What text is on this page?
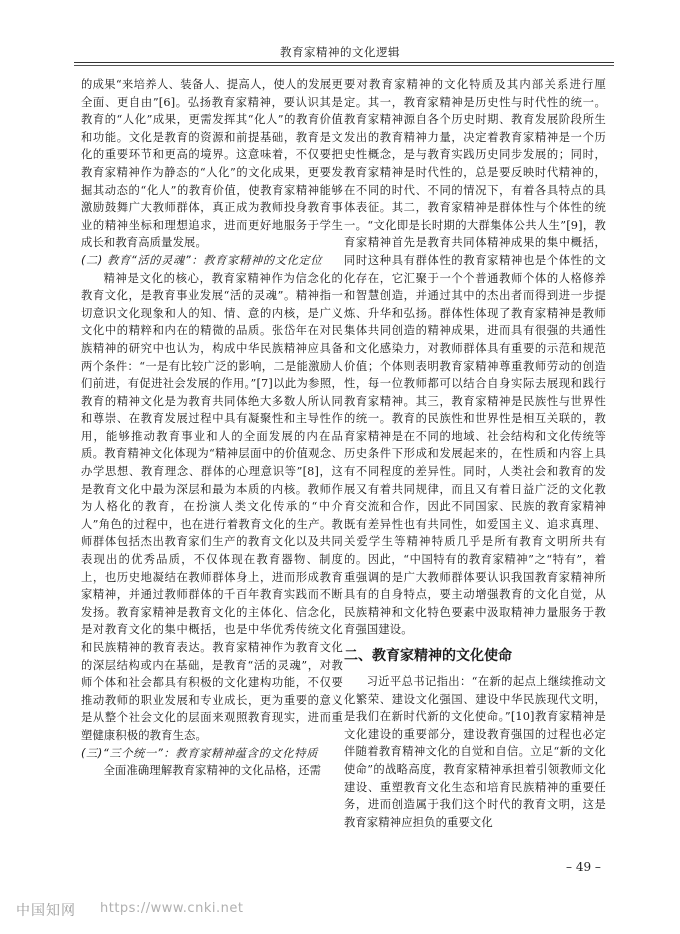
教育家精神的文化逻辑

的成果“来培养人、装备人、提高人，使人的发展更全面、更自由”[6]。弘扬教育家精神，要认识其是教育的“人化”成果，更需发挥其“化人”的教育价值和功能。文化是教育的资源和前提基础，教育是文化的重要环节和更高的境界。这意味着，不仅要把教育家精神作为静态的“人化”的文化成果，更要发掘其动态的“化人”的教育价值，使教育家精神能够激励鼓舞广大教师群体，真正成为教师投身教育事业的精神坐标和理想追求，进而更好地服务于学生成长和教育高质量发展。

(二) 教育“活的灵魂”：教育家精神的文化定位

精神是文化的核心，教育家精神作为信念化的教育文化，是教育事业发展“活的灵魂”。精神指一切意识文化现象和人的知、情、意的内核，是广义文化中的精粹和内在的精微的品质。张岱年在对民族精神的研究中也认为，构成中华民族精神应具备两个条件：“一是有比较广泛的影响，二是能激励人们前进，有促进社会发展的作用。”[7]以此为参照，教育的精神文化是为教育共同体绝大多数人所认同和尊崇、在教育发展过程中具有凝聚性和主导性作用，能够推动教育事业和人的全面发展的内在品质。教育精神文化体现为“精神层面中的价值观念、办学思想、教育理念、群体的心理意识等”[8]，这是教育文化中最为深层和最为本质的内核。教师作为人格化的教育，在扮演人类文化传承的“中介人”角色的过程中，也在进行着教育文化的生产。教师群体包括杰出教育家们生产的教育文化以及共同表现出的优秀品质，不仅体现在教育器物、制度上，也历史地凝结在教师群体身上，进而形成教育家精神，并通过教师群体的千百年教育实践而不断发扬。教育家精神是教育文化的主体化、信念化，是对教育文化的集中概括，也是中华优秀传统文化和民族精神的教育表达。教育家精神作为教育文化的深层结构或内在基础，是教育“活的灵魂”，对教师个体和社会都具有积极的文化建构功能，不仅要推动教师的职业发展和专业成长，更为重要的意义是从整个社会文化的层面来观照教育现实，进而重塑健康积极的教育生态。

(三)“三个统一”：教育家精神蕴含的文化特质

全面准确理解教育家精神的文化品格，还需

要对教育家精神的文化特质及其内部关系进行厘定。其一，教育家精神是历史性与时代性的统一。教育家精神源自各个历史时期、教育发展阶段所生发出的教育精神力量，决定着教育家精神是一个历史性概念，是与教育实践历史同步发展的；同时，教育家精神是时代性的，总是要反映时代精神的，在不同的时代、不同的情况下，有着各具特点的具体表征。其二，教育家精神是群体性与个体性的统一。“文化即是长时期的大群集体公共人生”[9]，教育家精神首先是教育共同体精神成果的集中概括，同时这种具有群体性的教育家精神也是个体性的文化存在，它汇聚于一个个普通教师个体的人格修养和智慧创造，并通过其中的杰出者而得到进一步提炼、升华和弘扬。群体性体现了教育家精神是教师集体共同创造的精神成果，进而具有很强的共通性和文化感染力，对教师群体具有重要的示范和规范价值；个体则表明教育家精神尊重教师劳动的创造性，每一位教师都可以结合自身实际去展现和践行教育家精神。其三，教育家精神是民族性与世界性的统一。教育的民族性和世界性是相互关联的，教育家精神是在不同的地域、社会结构和文化传统等历史条件下形成和发展起来的，在性质和内容上具有不同程度的差异性。同时，人类社会和教育的发展又有着共同规律，而且又有着日益广泛的文化教育交流和合作，因此不同国家、民族的教育家精神既有差异性也有共同性，如爱国主义、追求真理、关爱学生等精神特质几乎是所有教育文明所共有的。因此，“中国特有的教育家精神”之“特有”，着重强调的是广大教师群体要认识我国教育家精神所具有的自身特点，要主动增强教育的文化自觉，从民族精神和文化特色要素中汲取精神力量服务于教育强国建设。

二、教育家精神的文化使命

习近平总书记指出：“在新的起点上继续推动文化繁荣、建设文化强国、建设中华民族现代文明，是我们在新时代新的文化使命。”[10]教育家精神是文化建设的重要部分，建设教育强国的过程也必定伴随着教育精神文化的自觉和自信。立足“新的文化使命”的战略高度，教育家精神承担着引领教师文化建设、重塑教育文化生态和培育民族精神的重要任务，进而创造属于我们这个时代的教育文明，这是教育家精神应担负的重要文化

– 49 –
中国知网 https://www.cnki.net
